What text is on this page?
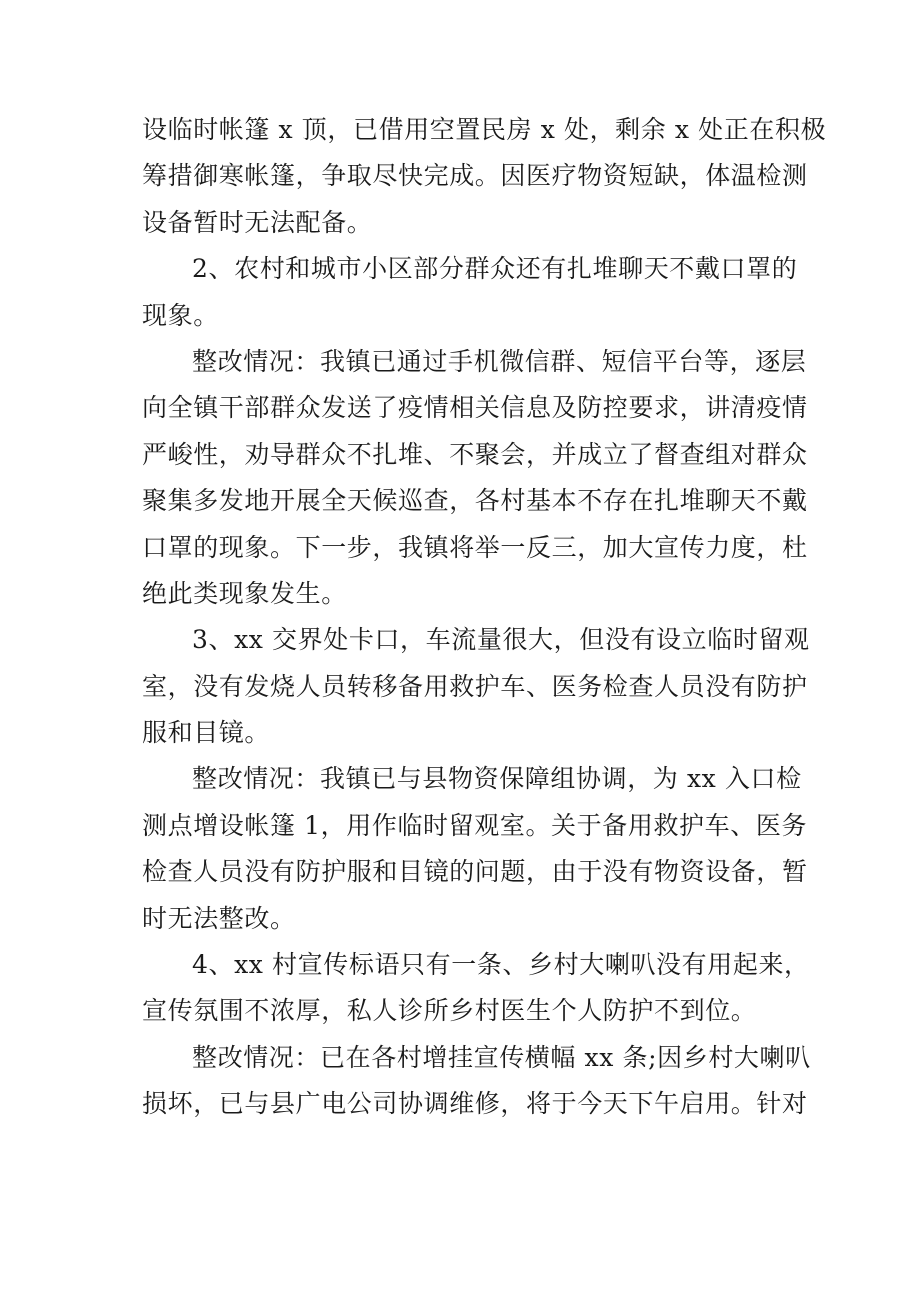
设临时帐篷 x 顶，已借用空置民房 x 处，剩余 x 处正在积极
筹措御寒帐篷，争取尽快完成。因医疗物资短缺，体温检测
设备暂时无法配备。
2、农村和城市小区部分群众还有扎堆聊天不戴口罩的
现象。
整改情况：我镇已通过手机微信群、短信平台等，逐层
向全镇干部群众发送了疫情相关信息及防控要求，讲清疫情
严峻性，劝导群众不扎堆、不聚会，并成立了督查组对群众
聚集多发地开展全天候巡查，各村基本不存在扎堆聊天不戴
口罩的现象。下一步，我镇将举一反三，加大宣传力度，杜
绝此类现象发生。
3、xx 交界处卡口，车流量很大，但没有设立临时留观
室，没有发烧人员转移备用救护车、医务检查人员没有防护
服和目镜。
整改情况：我镇已与县物资保障组协调，为 xx 入口检
测点增设帐篷 1，用作临时留观室。关于备用救护车、医务
检查人员没有防护服和目镜的问题，由于没有物资设备，暂
时无法整改。
4、xx 村宣传标语只有一条、乡村大喇叭没有用起来，
宣传氛围不浓厚，私人诊所乡村医生个人防护不到位。
整改情况：已在各村增挂宣传横幅 xx 条;因乡村大喇叭
损坏，已与县广电公司协调维修，将于今天下午启用。针对
